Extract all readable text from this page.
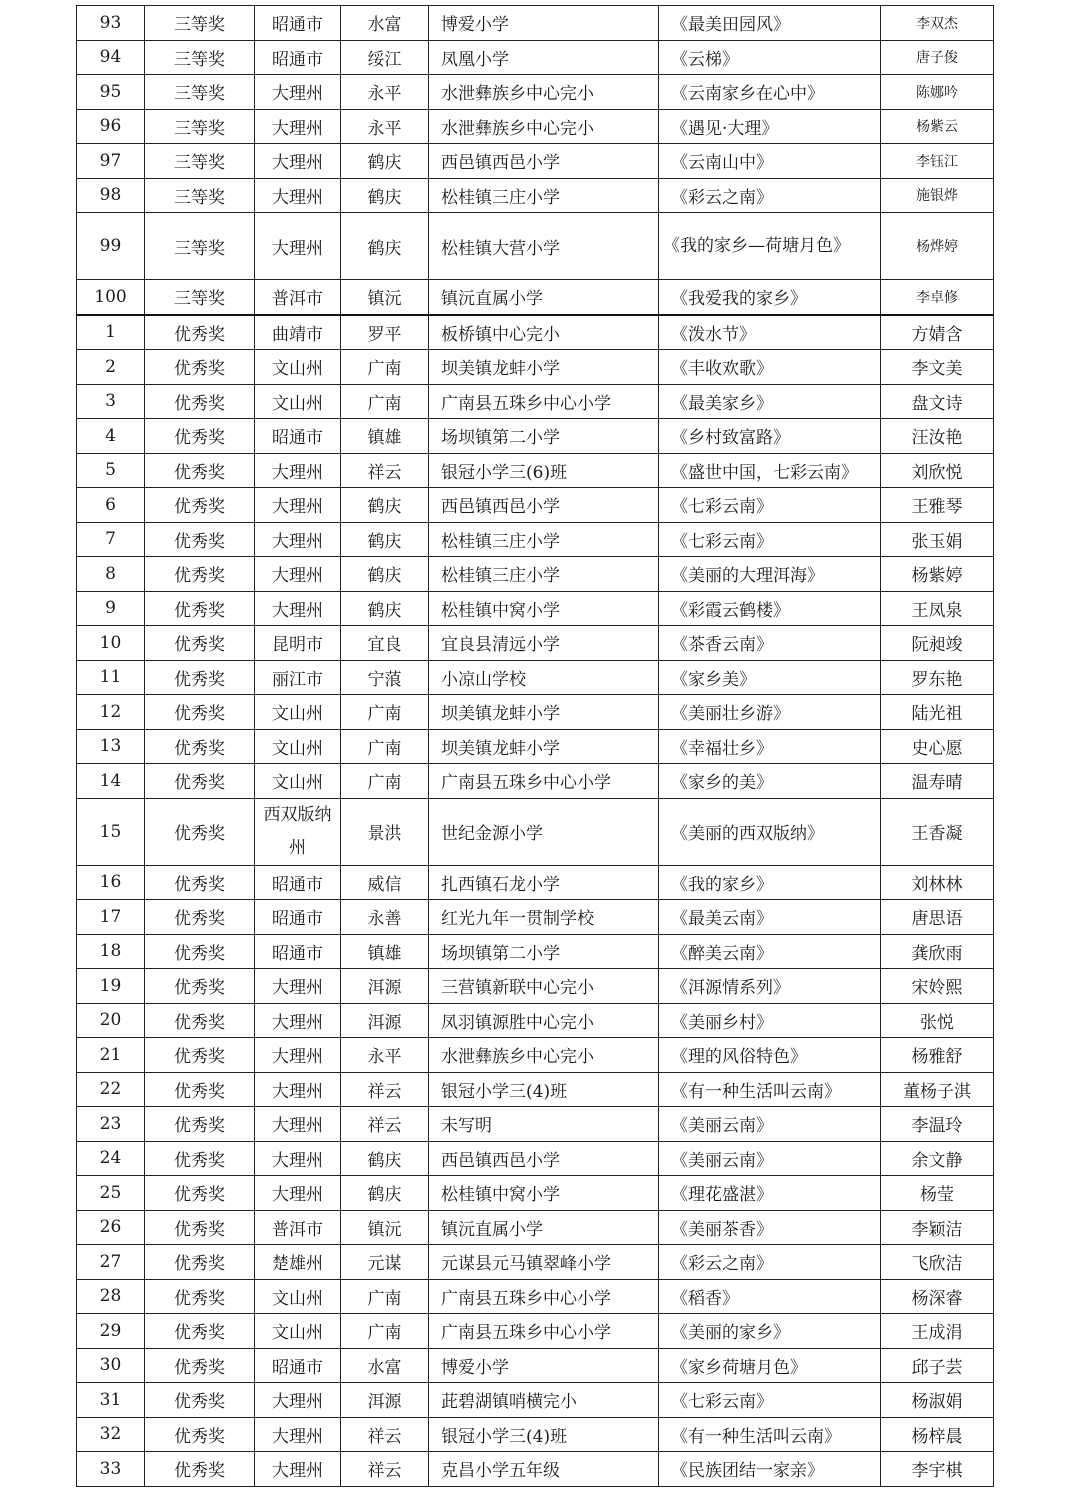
93	三等奖	昭通市	水富	博爱小学	《最美田园风》	李双杰
94	三等奖	昭通市	绥江	凤凰小学	《云梯》	唐子俊
95	三等奖	大理州	永平	水泄彝族乡中心完小	《云南家乡在心中》	陈娜吟
96	三等奖	大理州	永平	水泄彝族乡中心完小	《遇见·大理》	杨紫云
97	三等奖	大理州	鹤庆	西邑镇西邑小学	《云南山中》	李钰江
98	三等奖	大理州	鹤庆	松桂镇三庄小学	《彩云之南》	施银烨
99	三等奖	大理州	鹤庆	松桂镇大营小学	《我的家乡—荷塘月色》	杨烨婷
100	三等奖	普洱市	镇沅	镇沅直属小学	《我爱我的家乡》	李卓修
1	优秀奖	曲靖市	罗平	板桥镇中心完小	《泼水节》	方婧含
2	优秀奖	文山州	广南	坝美镇龙蚌小学	《丰收欢歌》	李文美
3	优秀奖	文山州	广南	广南县五珠乡中心小学	《最美家乡》	盘文诗
4	优秀奖	昭通市	镇雄	场坝镇第二小学	《乡村致富路》	汪汝艳
5	优秀奖	大理州	祥云	银冠小学三(6)班	《盛世中国，七彩云南》	刘欣悦
6	优秀奖	大理州	鹤庆	西邑镇西邑小学	《七彩云南》	王雅琴
7	优秀奖	大理州	鹤庆	松桂镇三庄小学	《七彩云南》	张玉娟
8	优秀奖	大理州	鹤庆	松桂镇三庄小学	《美丽的大理洱海》	杨紫婷
9	优秀奖	大理州	鹤庆	松桂镇中窝小学	《彩霞云鹤楼》	王凤泉
10	优秀奖	昆明市	宜良	宜良县清远小学	《茶香云南》	阮昶竣
11	优秀奖	丽江市	宁蒗	小凉山学校	《家乡美》	罗东艳
12	优秀奖	文山州	广南	坝美镇龙蚌小学	《美丽壮乡游》	陆光祖
13	优秀奖	文山州	广南	坝美镇龙蚌小学	《幸福壮乡》	史心愿
14	优秀奖	文山州	广南	广南县五珠乡中心小学	《家乡的美》	温寿晴
15	优秀奖	西双版纳州	景洪	世纪金源小学	《美丽的西双版纳》	王香凝
16	优秀奖	昭通市	威信	扎西镇石龙小学	《我的家乡》	刘林林
17	优秀奖	昭通市	永善	红光九年一贯制学校	《最美云南》	唐思语
18	优秀奖	昭通市	镇雄	场坝镇第二小学	《醉美云南》	龚欣雨
19	优秀奖	大理州	洱源	三营镇新联中心完小	《洱源情系列》	宋姈熙
20	优秀奖	大理州	洱源	凤羽镇源胜中心完小	《美丽乡村》	张悦
21	优秀奖	大理州	永平	水泄彝族乡中心完小	《理的风俗特色》	杨雅舒
22	优秀奖	大理州	祥云	银冠小学三(4)班	《有一种生活叫云南》	董杨子淇
23	优秀奖	大理州	祥云	未写明	《美丽云南》	李温玲
24	优秀奖	大理州	鹤庆	西邑镇西邑小学	《美丽云南》	余文静
25	优秀奖	大理州	鹤庆	松桂镇中窝小学	《理花盛湛》	杨莹
26	优秀奖	普洱市	镇沅	镇沅直属小学	《美丽茶香》	李颖洁
27	优秀奖	楚雄州	元谋	元谋县元马镇翠峰小学	《彩云之南》	飞欣洁
28	优秀奖	文山州	广南	广南县五珠乡中心小学	《稻香》	杨深睿
29	优秀奖	文山州	广南	广南县五珠乡中心小学	《美丽的家乡》	王成涓
30	优秀奖	昭通市	水富	博爱小学	《家乡荷塘月色》	邱子芸
31	优秀奖	大理州	洱源	茈碧湖镇哨横完小	《七彩云南》	杨淑娟
32	优秀奖	大理州	祥云	银冠小学三(4)班	《有一种生活叫云南》	杨梓晨
33	优秀奖	大理州	祥云	克昌小学五年级	《民族团结一家亲》	李宇棋
